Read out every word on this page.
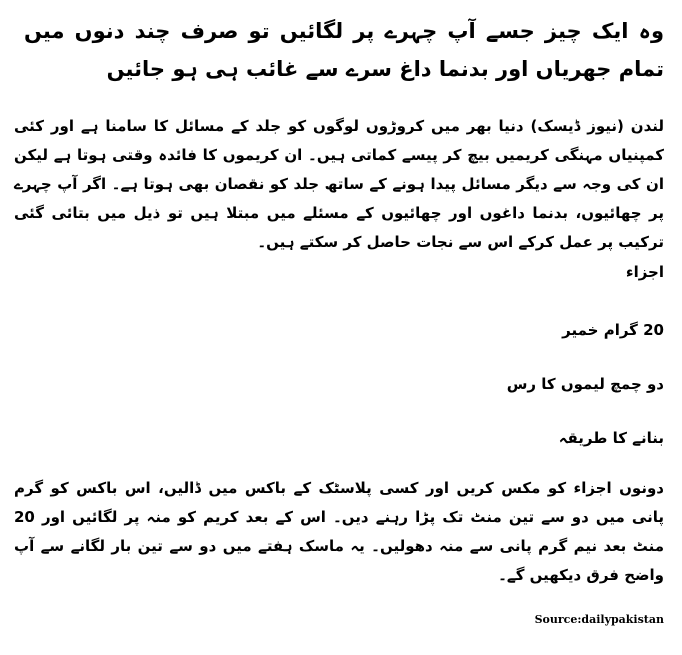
وہ ایک چیز جسے آپ چہرے پر لگائیں تو صرف چند دنوں میں تمام جھریاں اور بدنما داغ سرے سے غائب ہی ہو جائیں

لندن (نیوز ڈیسک) دنیا بھر میں کروڑوں لوگوں کو جلد کے مسائل کا سامنا ہے اور کئی کمپنیاں مہنگی کریمیں بیچ کر پیسے کماتی ہیں۔ ان کریموں کا فائدہ وقتی ہوتا ہے لیکن ان کی وجہ سے دیگر مسائل پیدا ہونے کے ساتھ جلد کو نقصان بھی ہوتا ہے۔ اگر آپ چہرے پر چھائیوں، بدنما داغوں اور چھائیوں کے مسئلے میں مبتلا ہیں تو ذیل میں بتائی گئی ترکیب پر عمل کرکے اس سے نجات حاصل کر سکتے ہیں۔

اجزاء
20 گرام خمیر
دو چمچ لیموں کا رس
بنانے کا طریقہ

دونوں اجزاء کو مکس کریں اور کسی پلاسٹک کے باکس میں ڈالیں، اس باکس کو گرم پانی میں دو سے تین منٹ تک پڑا رہنے دیں۔ اس کے بعد کریم کو منہ پر لگائیں اور 20 منٹ بعد نیم گرم پانی سے منہ دھولیں۔ یہ ماسک ہفتے میں دو سے تین بار لگانے سے آپ واضح فرق دیکھیں گے۔

Source:dailypakistan
